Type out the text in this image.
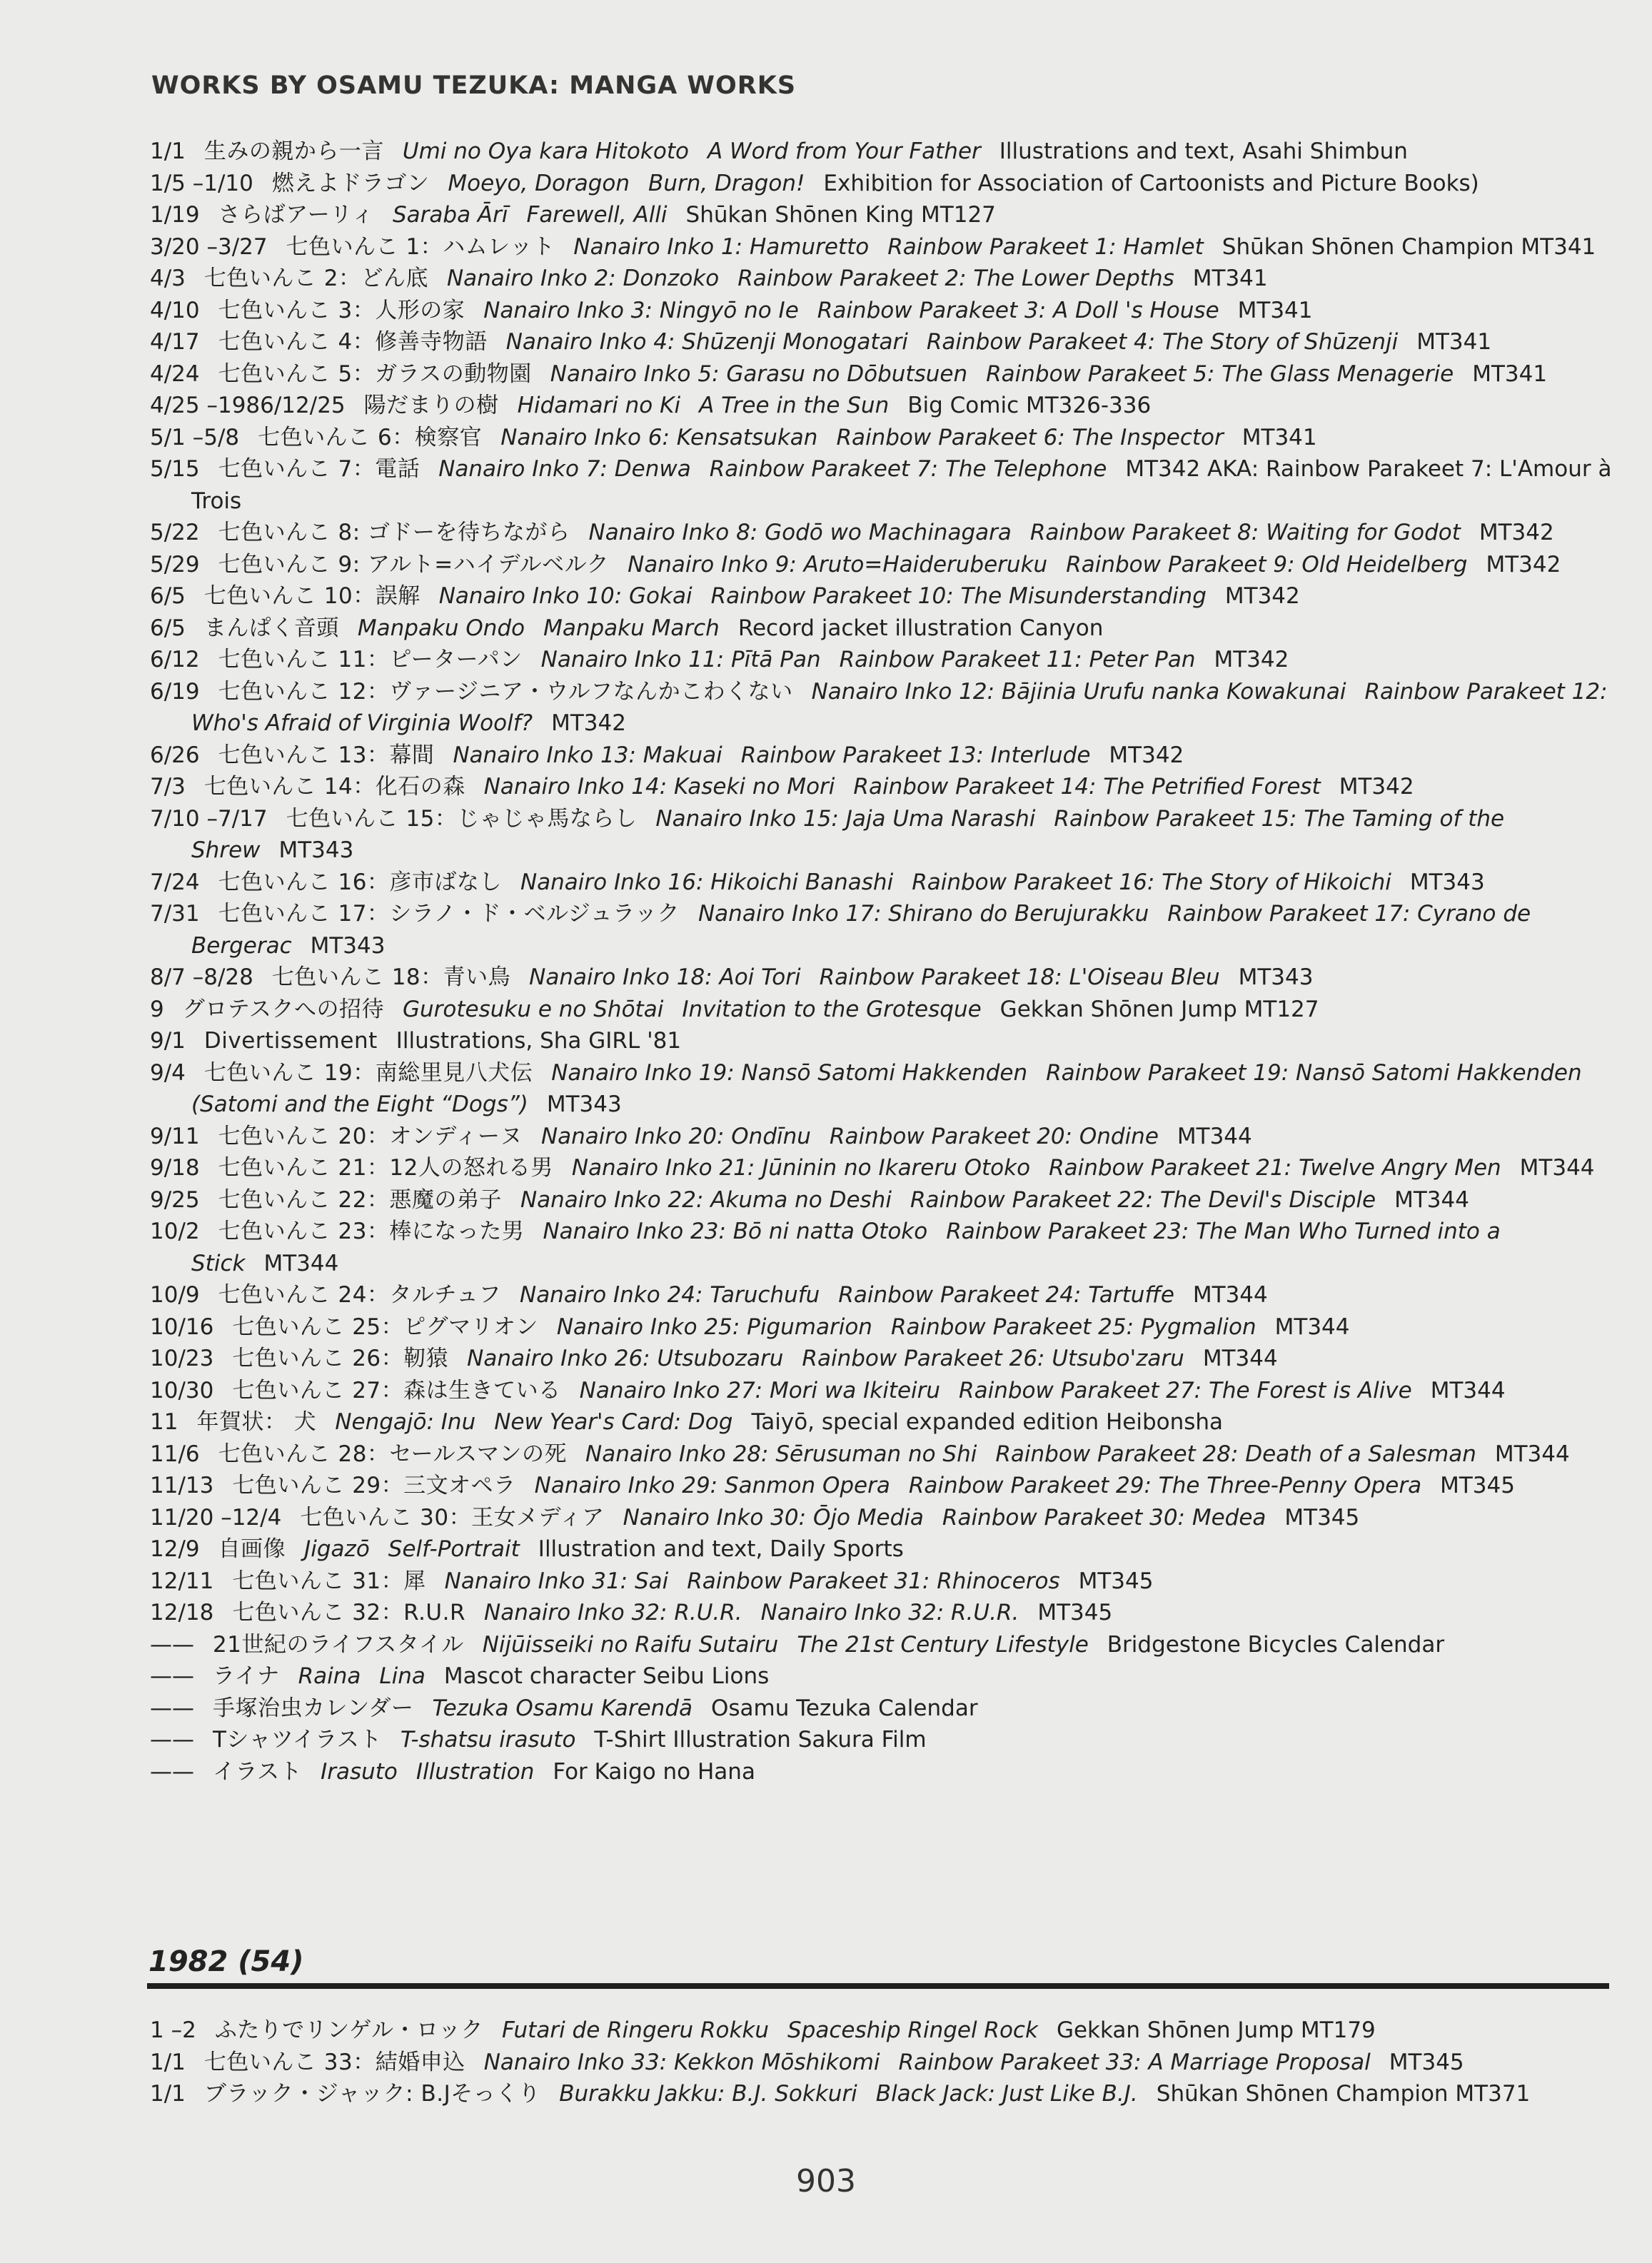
WORKS BY OSAMU TEZUKA: MANGA WORKS
1/1 生みの親から一言 Umi no Oya kara Hitokoto A Word from Your Father Illustrations and text, Asahi Shimbun
1/5 –1/10 燃えよドラゴン Moeyo, Doragon Burn, Dragon! Exhibition for Association of Cartoonists and Picture Books)
1/19 さらばアーリィ Saraba Ārī Farewell, Alli Shūkan Shōnen King MT127
3/20 –3/27 七色いんこ 1：ハムレット Nanairo Inko 1: Hamuretto Rainbow Parakeet 1: Hamlet Shūkan Shōnen Champion MT341
4/3 七色いんこ 2：どん底 Nanairo Inko 2: Donzoko Rainbow Parakeet 2: The Lower Depths MT341
4/10 七色いんこ 3：人形の家 Nanairo Inko 3: Ningyō no Ie Rainbow Parakeet 3: A Doll 's House MT341
4/17 七色いんこ 4：修善寺物語 Nanairo Inko 4: Shūzenji Monogatari Rainbow Parakeet 4: The Story of Shūzenji MT341
4/24 七色いんこ 5：ガラスの動物園 Nanairo Inko 5: Garasu no Dōbutsuen Rainbow Parakeet 5: The Glass Menagerie MT341
4/25 –1986/12/25 陽だまりの樹 Hidamari no Ki A Tree in the Sun Big Comic MT326-336
5/1 –5/8 七色いんこ 6：検察官 Nanairo Inko 6: Kensatsukan Rainbow Parakeet 6: The Inspector MT341
5/15 七色いんこ 7：電話 Nanairo Inko 7: Denwa Rainbow Parakeet 7: The Telephone MT342 AKA: Rainbow Parakeet 7: L'Amour à Trois
5/22 七色いんこ 8: ゴドーを待ちながら Nanairo Inko 8: Godō wo Machinagara Rainbow Parakeet 8: Waiting for Godot MT342
5/29 七色いんこ 9: アルト=ハイデルベルク Nanairo Inko 9: Aruto=Haideruberuku Rainbow Parakeet 9: Old Heidelberg MT342
6/5 七色いんこ 10：誤解 Nanairo Inko 10: Gokai Rainbow Parakeet 10: The Misunderstanding MT342
6/5 まんぱく音頭 Manpaku Ondo Manpaku March Record jacket illustration Canyon
6/12 七色いんこ 11：ピーターパン Nanairo Inko 11: Pītā Pan Rainbow Parakeet 11: Peter Pan MT342
6/19 七色いんこ 12：ヴァージニア・ウルフなんかこわくない Nanairo Inko 12: Bājinia Urufu nanka Kowakunai Rainbow Parakeet 12: Who's Afraid of Virginia Woolf? MT342
6/26 七色いんこ 13：幕間 Nanairo Inko 13: Makuai Rainbow Parakeet 13: Interlude MT342
7/3 七色いんこ 14：化石の森 Nanairo Inko 14: Kaseki no Mori Rainbow Parakeet 14: The Petrified Forest MT342
7/10 –7/17 七色いんこ 15：じゃじゃ馬ならし Nanairo Inko 15: Jaja Uma Narashi Rainbow Parakeet 15: The Taming of the Shrew MT343
7/24 七色いんこ 16：彦市ばなし Nanairo Inko 16: Hikoichi Banashi Rainbow Parakeet 16: The Story of Hikoichi MT343
7/31 七色いんこ 17：シラノ・ド・ベルジュラック Nanairo Inko 17: Shirano do Berujurakku Rainbow Parakeet 17: Cyrano de Bergerac MT343
8/7 –8/28 七色いんこ 18：青い鳥 Nanairo Inko 18: Aoi Tori Rainbow Parakeet 18: L'Oiseau Bleu MT343
9 グロテスクへの招待 Gurotesuku e no Shōtai Invitation to the Grotesque Gekkan Shōnen Jump MT127
9/1 Divertissement Illustrations, Sha GIRL '81
9/4 七色いんこ 19：南総里見八犬伝 Nanairo Inko 19: Nansō Satomi Hakkenden Rainbow Parakeet 19: Nansō Satomi Hakkenden (Satomi and the Eight “Dogs”) MT343
9/11 七色いんこ 20：オンディーヌ Nanairo Inko 20: Ondīnu Rainbow Parakeet 20: Ondine MT344
9/18 七色いんこ 21：12人の怒れる男 Nanairo Inko 21: Jūninin no Ikareru Otoko Rainbow Parakeet 21: Twelve Angry Men MT344
9/25 七色いんこ 22：悪魔の弟子 Nanairo Inko 22: Akuma no Deshi Rainbow Parakeet 22: The Devil's Disciple MT344
10/2 七色いんこ 23：棒になった男 Nanairo Inko 23: Bō ni natta Otoko Rainbow Parakeet 23: The Man Who Turned into a Stick MT344
10/9 七色いんこ 24：タルチュフ Nanairo Inko 24: Taruchufu Rainbow Parakeet 24: Tartuffe MT344
10/16 七色いんこ 25：ピグマリオン Nanairo Inko 25: Pigumarion Rainbow Parakeet 25: Pygmalion MT344
10/23 七色いんこ 26：靭猿 Nanairo Inko 26: Utsubozaru Rainbow Parakeet 26: Utsubo'zaru MT344
10/30 七色いんこ 27：森は生きている Nanairo Inko 27: Mori wa Ikiteiru Rainbow Parakeet 27: The Forest is Alive MT344
11 年賀状： 犬 Nengajō: Inu New Year's Card: Dog Taiyō, special expanded edition Heibonsha
11/6 七色いんこ 28：セールスマンの死 Nanairo Inko 28: Sērusuman no Shi Rainbow Parakeet 28: Death of a Salesman MT344
11/13 七色いんこ 29：三文オペラ Nanairo Inko 29: Sanmon Opera Rainbow Parakeet 29: The Three-Penny Opera MT345
11/20 –12/4 七色いんこ 30：王女メディア Nanairo Inko 30: Ōjo Media Rainbow Parakeet 30: Medea MT345
12/9 自画像 Jigazō Self-Portrait Illustration and text, Daily Sports
12/11 七色いんこ 31：犀 Nanairo Inko 31: Sai Rainbow Parakeet 31: Rhinoceros MT345
12/18 七色いんこ 32：R.U.R Nanairo Inko 32: R.U.R. Nanairo Inko 32: R.U.R. MT345
—— 21世紀のライフスタイル Nijūisseiki no Raifu Sutairu The 21st Century Lifestyle Bridgestone Bicycles Calendar
—— ライナ Raina Lina Mascot character Seibu Lions
—— 手塚治虫カレンダー Tezuka Osamu Karendā Osamu Tezuka Calendar
—— Tシャツイラスト T-shatsu irasuto T-Shirt Illustration Sakura Film
—— イラスト Irasuto Illustration For Kaigo no Hana
1982 (54)
1 –2 ふたりでリンゲル・ロック Futari de Ringeru Rokku Spaceship Ringel Rock Gekkan Shōnen Jump MT179
1/1 七色いんこ 33：結婚申込 Nanairo Inko 33: Kekkon Mōshikomi Rainbow Parakeet 33: A Marriage Proposal MT345
1/1 ブラック・ジャック: B.Jそっくり Burakku Jakku: B.J. Sokkuri Black Jack: Just Like B.J. Shūkan Shōnen Champion MT371
903
